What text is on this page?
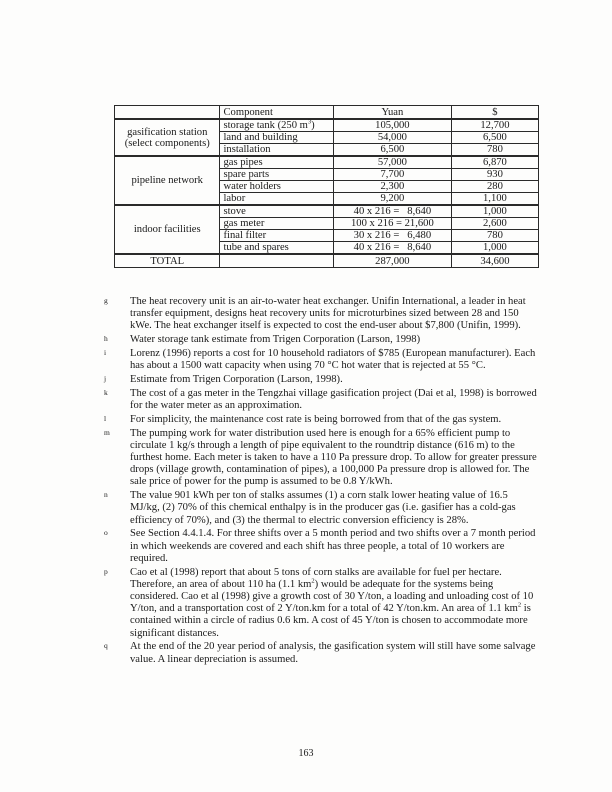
	Component	Yuan	$
gasification station
(select components)	storage tank (250 $m^3$)	105,000	12,700
	land and building	54,000	6,500
	installation	6,500	780
pipeline network	gas pipes	57,000	6,870
	spare parts	7,700	930
	water holders	2,300	280
	labor	9,200	1,100
indoor facilities	stove	40 x 216 =   8,640	1,000
	gas meter	100 x 216 = 21,600	2,600
	final filter	30 x 216 =   6,480	780
	tube and spares	40 x 216 =   8,640	1,000
TOTAL		287,000	34,600
g The heat recovery unit is an air-to-water heat exchanger. Unifin International, a leader in heat transfer equipment, designs heat recovery units for microturbines sized between 28 and 150 kWe. The heat exchanger itself is expected to cost the end-user about $7,800 (Unifin, 1999).
h Water storage tank estimate from Trigen Corporation (Larson, 1998)
i Lorenz (1996) reports a cost for 10 household radiators of $785 (European manufacturer). Each has about a 1500 watt capacity when using 70 °C hot water that is rejected at 55 °C.
j Estimate from Trigen Corporation (Larson, 1998).
k The cost of a gas meter in the Tengzhai village gasification project (Dai et al, 1998) is borrowed for the water meter as an approximation.
l For simplicity, the maintenance cost rate is being borrowed from that of the gas system.
m The pumping work for water distribution used here is enough for a 65% efficient pump to circulate 1 kg/s through a length of pipe equivalent to the roundtrip distance (616 m) to the furthest home. Each meter is taken to have a 110 Pa pressure drop. To allow for greater pressure drops (village growth, contamination of pipes), a 100,000 Pa pressure drop is allowed for. The sale price of power for the pump is assumed to be 0.8 Y/kWh.
n The value 901 kWh per ton of stalks assumes (1) a corn stalk lower heating value of 16.5 MJ/kg, (2) 70% of this chemical enthalpy is in the producer gas (i.e. gasifier has a cold-gas efficiency of 70%), and (3) the thermal to electric conversion efficiency is 28%.
o See Section 4.4.1.4. For three shifts over a 5 month period and two shifts over a 7 month period in which weekends are covered and each shift has three people, a total of 10 workers are required.
p Cao et al (1998) report that about 5 tons of corn stalks are available for fuel per hectare. Therefore, an area of about 110 ha (1.1 $km^2$) would be adequate for the systems being considered. Cao et al (1998) give a growth cost of 30 Y/ton, a loading and unloading cost of 10 Y/ton, and a transportation cost of 2 Y/ton.km for a total of 42 Y/ton.km. An area of 1.1 $km^2$ is contained within a circle of radius 0.6 km. A cost of 45 Y/ton is chosen to accommodate more significant distances.
q At the end of the 20 year period of analysis, the gasification system will still have some salvage value. A linear depreciation is assumed.
163
